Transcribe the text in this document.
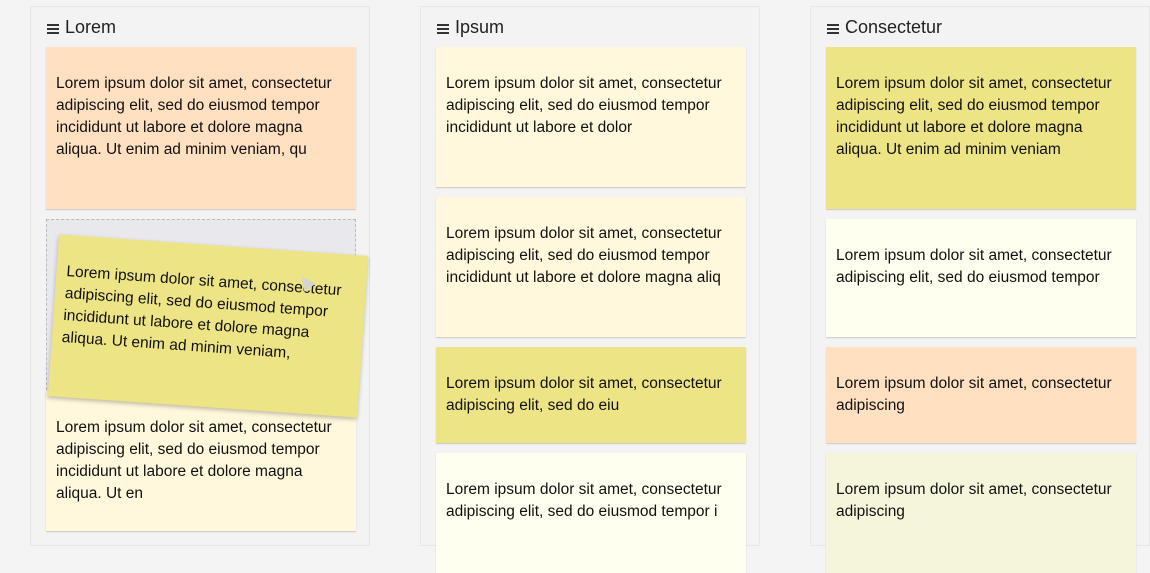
Lorem
Lorem ipsum dolor sit amet, consectetur adipiscing elit, sed do eiusmod tempor incididunt ut labore et dolore magna aliqua. Ut enim ad minim veniam, qu
Lorem ipsum dolor sit amet, consectetur adipiscing elit, sed do eiusmod tempor incididunt ut labore et dolore magna aliqua. Ut en
Lorem ipsum dolor sit amet, consectetur adipiscing elit, sed do eiusmod tempor incididunt ut labore et dolore magna aliqua. Ut enim ad minim veniam,
Ipsum
Lorem ipsum dolor sit amet, consectetur adipiscing elit, sed do eiusmod tempor incididunt ut labore et dolor
Lorem ipsum dolor sit amet, consectetur adipiscing elit, sed do eiusmod tempor incididunt ut labore et dolore magna aliq
Lorem ipsum dolor sit amet, consectetur adipiscing elit, sed do eiu
Lorem ipsum dolor sit amet, consectetur adipiscing elit, sed do eiusmod tempor i
Consectetur
Lorem ipsum dolor sit amet, consectetur adipiscing elit, sed do eiusmod tempor incididunt ut labore et dolore magna aliqua. Ut enim ad minim veniam
Lorem ipsum dolor sit amet, consectetur adipiscing elit, sed do eiusmod tempor
Lorem ipsum dolor sit amet, consectetur adipiscing
Lorem ipsum dolor sit amet, consectetur adipiscing
